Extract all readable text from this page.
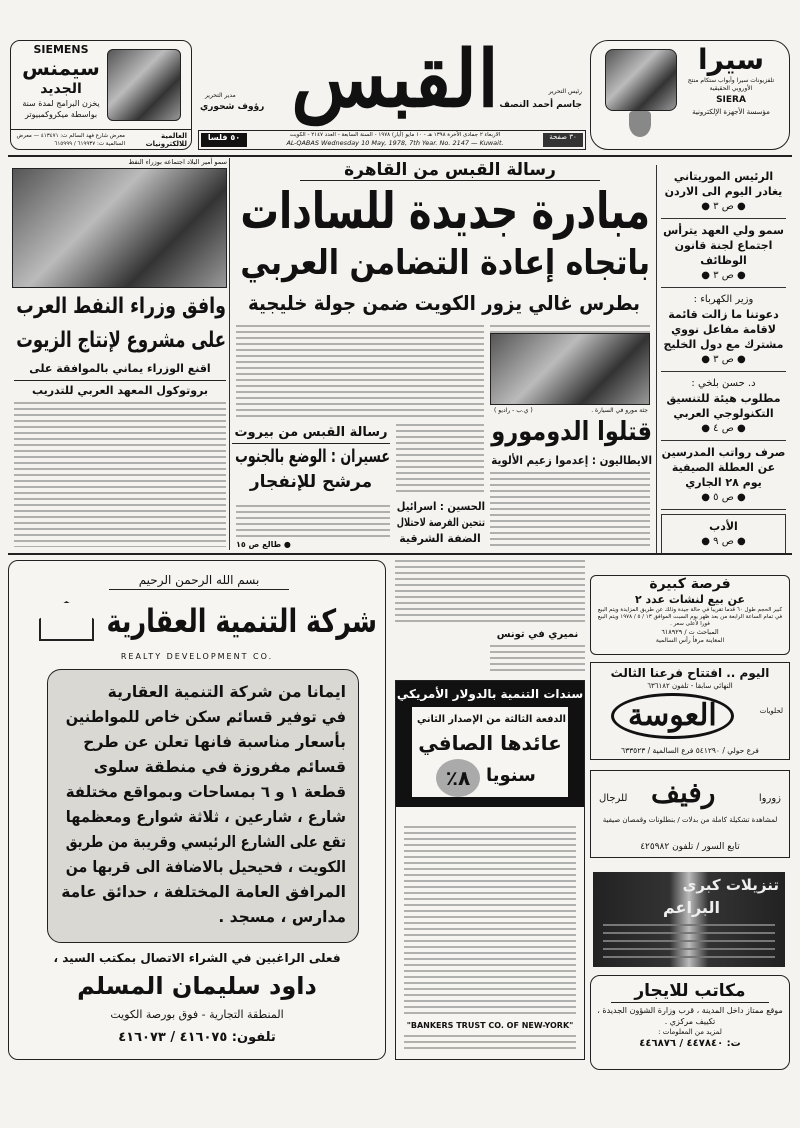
SIEMENS
سيمنس
الجديد
يخزن البرامج لمدة سنة
بواسطة ميكروكمبيوتر
العالمية للالكترونيات
معرض شارع فهد السالم ت: ٤١٣٤٧١ — معرض السالمية ت: ٦١٩٩٣٧ / ٦١٥٩٩٩
القبس
مدير التحرير
رؤوف شحوري
رئيس التحرير
جاسم أحمد النصف
٥٠ فلسا	٣٠ صفحة
الاربعاء ٢ جمادى الآخرة ١٣٩٨ هـ - ١٠ مايو (أيار) ١٩٧٨ - السنة السابعة - العدد ٢١٤٧ - الكويت
AL-QABAS Wednesday 10 May, 1978, 7th Year. No. 2147 — Kuwait.
سيرا
تلفزيونات سيرا وأبواب ستكام منتج الأوروبي الحقيقية
SIERA
مؤسسة الأجهزة الإلكترونية
رسالة القبس من القاهرة
مبادرة جديدة للسادات
باتجاه إعادة التضامن العربي
بطرس غالي يزور الكويت ضمن جولة خليجية
سمو أمير البلاد اجتماعه بوزراء النفط
وافق وزراء النفط العرب
على مشروع لإنتاج الزيوت
اقنع الوزراء يماني بالموافقة على
بروتوكول المعهد العربي للتدريب
جثة مورو في السيارة .
( ي.ب - راديو )
قتلوا الدومورو
الايطاليون : إعدموا زعيم الألوية
رسالة القبس من بيروت
عسيران : الوضع بالجنوب
مرشح للإنفجار
● طالع ص ١٥
الحسين : اسرائيل
تتحين الفرصة لاحتلال
الضفة الشرقية
الرئيس الموريتاني يغادر اليوم الى الاردن
● ص ٣ ●
سمو ولي العهد يترأس اجتماع لجنة قانون الوظائف
● ص ٣ ●
وزير الكهرباء :
دعوتنا ما زالت قائمة لاقامة مفاعل نووي مشترك مع دول الخليج
● ص ٣ ●
د. حسن بلخي :
مطلوب هيئة للتنسيق التكنولوجي العربي
● ص ٤ ●
صرف رواتب المدرسين عن العطلة الصيفية يوم ٢٨ الجاري
● ص ٥ ●
الأدب
● ص ٩ ●
بسم الله الرحمن الرحيم
شركة التنمية العقارية
REALTY DEVELOPMENT CO.
ايمانا من شركة التنمية العقارية
في توفير قسائم سكن خاص للمواطنين
بأسعار مناسبة فانها تعلن عن طرح
قسائم مفروزة في منطقة سلوى
قطعة ١ و ٦ بمساحات وبمواقع مختلفة
شارع ، شارعين ، ثلاثة شوارع ومعظمها
تقع على الشارع الرئيسي وقريبة من طريق
الكويت ، فحيحيل بالاضافة الى قربها من
المرافق العامة المختلفة ، حدائق عامة
مدارس ، مسجد .
فعلى الراغبين في الشراء الاتصال بمكتب السيد ،
داود سليمان المسلم
المنطقة التجارية - فوق بورصة الكويت
تلفون: ٤١٦٠٧٥ / ٤١٦٠٧٣
نميري في تونس
سندات التنمية بالدولار الأمريكي
الدفعة الثالثة من الإصدار الثاني
عائدها الصافي
٨٪ سنويا
"BANKERS TRUST CO. OF NEW-YORK"
فرصة كبيرة
عن بيع لنشات عدد ٢
كبير الحجم طول ٦٠ قدما تقريبا في حالة جيدة وذلك عن طريق المزايدة ويتم البيع في تمام الساعة الرابعة من بعد ظهر يوم السبت الموافق ١٣ / ٥ / ١٩٧٨ ويتم البيع فورا لأعلى سعر .
المباحث ت / ٦١٨٩٢٩
المعاينة مرفأ رأس السالمية
اليوم .. افتتاح فرعنا الثالث
النهائي سابقا - تلفون ٦٣٦١٨٢
العوسة	لحلويات
فرع حولي / ٥٤١٢٩٠ فرع السالمية / ٦٣٣٥٢٣
زوروا
رفيف
للرجال
لمشاهدة تشكيلة كاملة من بدلات / بنطلونات وقمصان صيفية
تابع السور / تلفون ٤٢٥٩٨٢
تنزيلات كبرى
البراعم
مكاتب للايجار
موقع ممتاز داخل المدينة ، قرب وزارة الشؤون الجديدة ، تكييف مركزي .
لمزيد من المعلومات :
ت: ٤٤٧٨٤٠ / ٤٤٦٨٧٦
